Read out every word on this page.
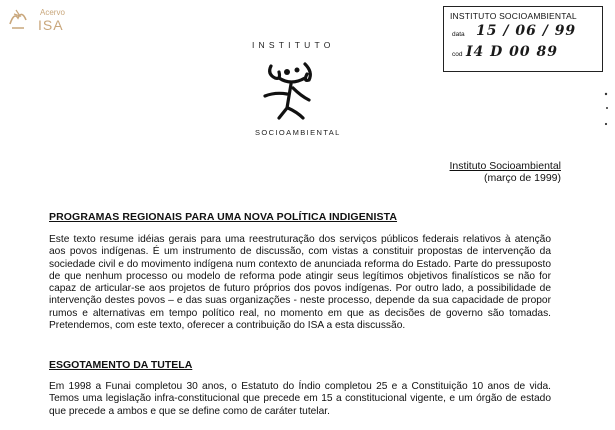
Acervo
ISA
INSTITUTO SOCIOAMBIENTAL
data 15 / 06 / 99
cod I4 D 00 89
INSTITUTO
SOCIOAMBIENTAL
Instituto Socioambiental
(março de 1999)
PROGRAMAS REGIONAIS PARA UMA NOVA POLÍTICA INDIGENISTA

Este texto resume idéias gerais para uma reestruturação dos serviços públicos federais relativos à atenção aos povos indígenas. É um instrumento de discussão, com vistas a constituir propostas de intervenção da sociedade civil e do movimento indígena num contexto de anunciada reforma do Estado. Parte do pressuposto de que nenhum processo ou modelo de reforma pode atingir seus legítimos objetivos finalísticos se não for capaz de articular-se aos projetos de futuro próprios dos povos indígenas. Por outro lado, a possibilidade de intervenção destes povos – e das suas organizações - neste processo, depende da sua capacidade de propor rumos e alternativas em tempo político real, no momento em que as decisões de governo são tomadas. Pretendemos, com este texto, oferecer a contribuição do ISA a esta discussão.

ESGOTAMENTO DA TUTELA

Em 1998 a Funai completou 30 anos, o Estatuto do Índio completou 25 e a Constituição 10 anos de vida. Temos uma legislação infra-constitucional que precede em 15 a constitucional vigente, e um órgão de estado que precede a ambos e que se define como de caráter tutelar.
